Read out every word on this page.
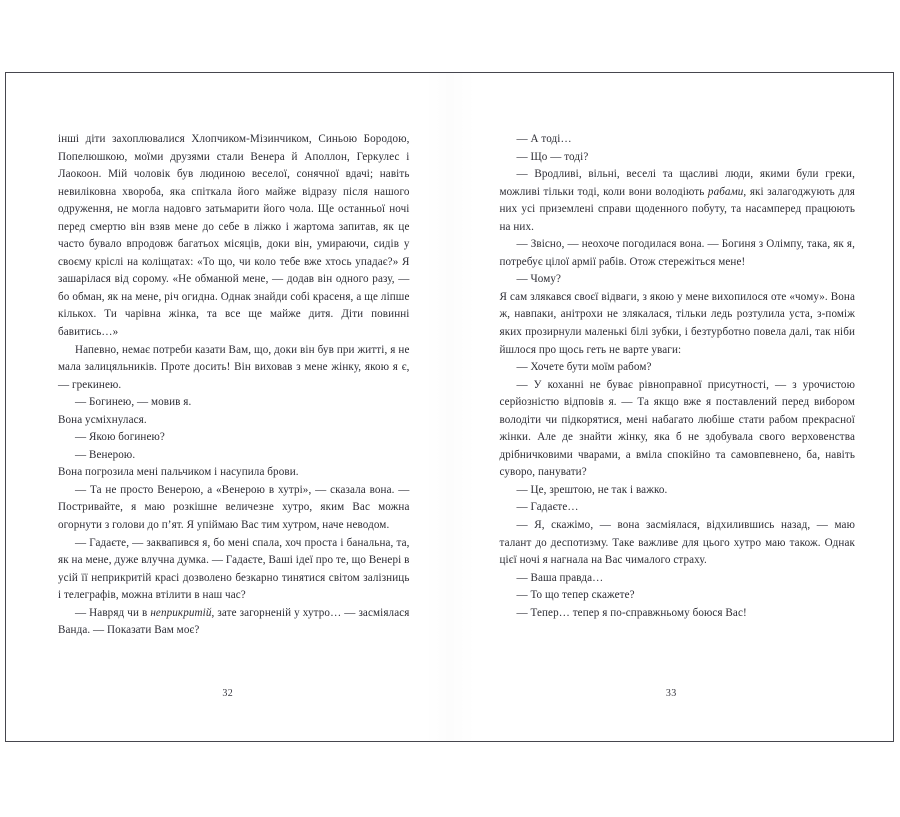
інші діти захоплювалися Хлопчиком-Мізинчиком, Синьою Бородою, Попелюшкою, моїми друзями стали Венера й Аполлон, Геркулес і Лаокоон. Мій чоловік був людиною веселої, сонячної вдачі; навіть невиліковна хвороба, яка спіткала його майже відразу після нашого одруження, не могла надовго затьмарити його чола. Ще останньої ночі перед смертю він взяв мене до себе в ліжко і жартома запитав, як це часто бувало впродовж багатьох місяців, доки він, умираючи, сидів у своєму кріслі на коліщатах: «То що, чи коло тебе вже хтось упадає?» Я зашарілася від сорому. «Не обманюй мене, — додав він одного разу, — бо обман, як на мене, річ огидна. Однак знайди собі красеня, а ще ліпше кількох. Ти чарівна жінка, та все ще майже дитя. Діти повинні бавитись…»

Напевно, немає потреби казати Вам, що, доки він був при житті, я не мала залицяльників. Проте досить! Він виховав з мене жінку, якою я є, — грекинею.

— Богинею, — мовив я.

Вона усміхнулася.

— Якою богинею?

— Венерою.

Вона погрозила мені пальчиком і насупила брови.

— Та не просто Венерою, а «Венерою в хутрі», — сказала вона. — Постривайте, я маю розкішне величезне хутро, яким Вас можна огорнути з голови до п’ят. Я упіймаю Вас тим хутром, наче неводом.

— Гадаєте, — заквапився я, бо мені спала, хоч проста і банальна, та, як на мене, дуже влучна думка. — Гадаєте, Ваші ідеї про те, що Венері в усій її неприкритій красі дозволено безкарно тинятися світом залізниць і телеграфів, можна втілити в наш час?

— Навряд чи в неприкритій, зате загорненій у хутро… — засміялася Ванда. — Показати Вам моє?

32

— А тоді…

— Що — тоді?

— Вродливі, вільні, веселі та щасливі люди, якими були греки, можливі тільки тоді, коли вони володіють рабами, які залагоджують для них усі приземлені справи щоденного побуту, та насамперед працюють на них.

— Звісно, — неохоче погодилася вона. — Богиня з Олімпу, така, як я, потребує цілої армії рабів. Отож стережіться мене!

— Чому?

Я сам злякався своєї відваги, з якою у мене вихопилося оте «чому». Вона ж, навпаки, анітрохи не злякалася, тільки ледь розтулила уста, з-поміж яких прозирнули маленькі білі зубки, і безтурботно повела далі, так ніби йшлося про щось геть не варте уваги:

— Хочете бути моїм рабом?

— У коханні не буває рівноправної присутності, — з урочистою серйозністю відповів я. — Та якщо вже я поставлений перед вибором володіти чи підкорятися, мені набагато любіше стати рабом прекрасної жінки. Але де знайти жінку, яка б не здобувала свого верховенства дрібничковими чварами, а вміла спокійно та самовпевнено, ба, навіть суворо, панувати?

— Це, зрештою, не так і важко.

— Гадаєте…

— Я, скажімо, — вона засміялася, відхилившись назад, — маю талант до деспотизму. Таке важливе для цього хутро маю також. Однак цієї ночі я нагнала на Вас чималого страху.

— Ваша правда…

— То що тепер скажете?

— Тепер… тепер я по-справжньому боюся Вас!

33
